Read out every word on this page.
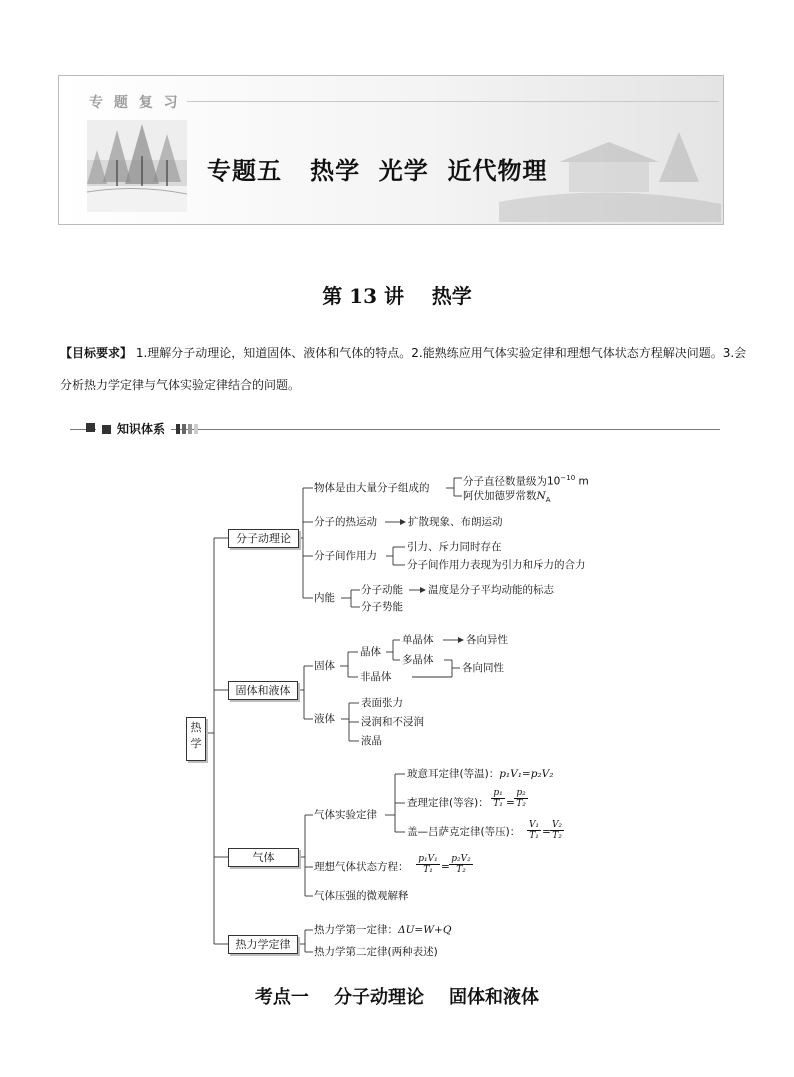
专 题 复 习
专题五   热学  光学  近代物理
第 13 讲    热学
【目标要求】 1.理解分子动理论，知道固体、液体和气体的特点。2.能熟练应用气体实验定律和理想气体状态方程解决问题。3.会分析热力学定律与气体实验定律结合的问题。
知识体系
热学
分子动理论
固体和液体
气体
热力学定律
物体是由大量分子组成的
分子直径数量级为$10^{-10}$ m
阿伏加德罗常数$N_A$
分子的热运动	扩散现象、布朗运动
分子间作用力
引力、斥力同时存在
分子间作用力表现为引力和斥力的合力
内能
分子动能 温度是分子平均动能的标志
分子势能
固体
晶体
单晶体	各向异性
多晶体
非晶体
各向同性
液体
表面张力
浸润和不浸润
液晶
气体实验定律
玻意耳定律(等温)：p₁V₁=p₂V₂
查理定律(等容)： $\frac{\text{p₁}}{\text{T₁}} = \frac{\text{p₂}}{\text{T₂}}$
盖—吕萨克定律(等压)： $\frac{\text{V₁}}{\text{T₁}} = \frac{\text{V₂}}{\text{T₂}}$
理想气体状态方程： $\frac{\text{p₁V₁}}{\text{T₁}} = \frac{\text{p₂V₂}}{\text{T₂}}$
气体压强的微观解释
热力学第一定律：ΔU=W+Q
热力学第二定律(两种表述)
考点一    分子动理论    固体和液体
